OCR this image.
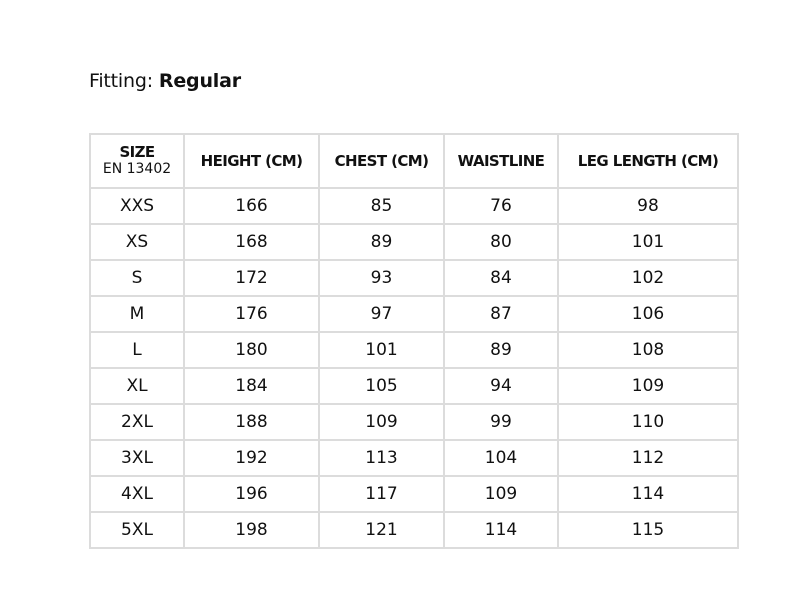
Fitting: Regular
SIZE
EN 13402	HEIGHT (CM)	CHEST (CM)	WAISTLINE	LEG LENGTH (CM)
XXS	166	85	76	98
XS	168	89	80	101
S	172	93	84	102
M	176	97	87	106
L	180	101	89	108
XL	184	105	94	109
2XL	188	109	99	110
3XL	192	113	104	112
4XL	196	117	109	114
5XL	198	121	114	115
